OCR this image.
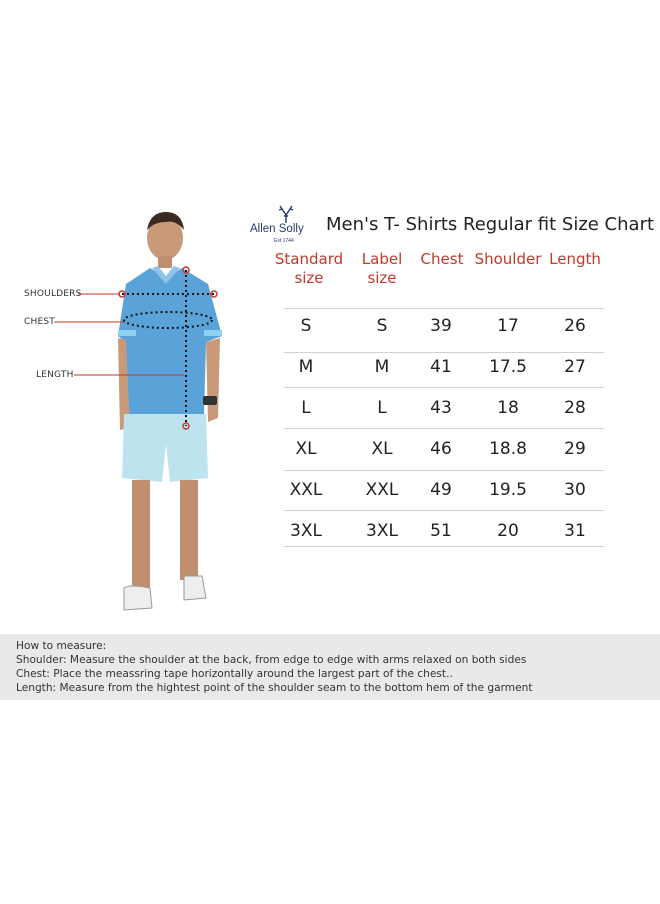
SHOULDERS
CHEST
LENGTH
Allen Solly
Est 1744
Men's T- Shirts Regular fit Size Chart
Standard
size
Label
size
Chest Shoulder Length
S	S	39	17	26
M	M	41	17.5	27
L	L	43	18	28
XL	XL	46	18.8	29
XXL	XXL	49	19.5	30
3XL	3XL	51	20	31
How to measure:
Shoulder: Measure the shoulder at the back, from edge to edge with arms relaxed on both sides
Chest: Place the meassring tape horizontally around the largest part of the chest..
Length: Measure from the hightest point of the shoulder seam to the bottom hem of the garment
